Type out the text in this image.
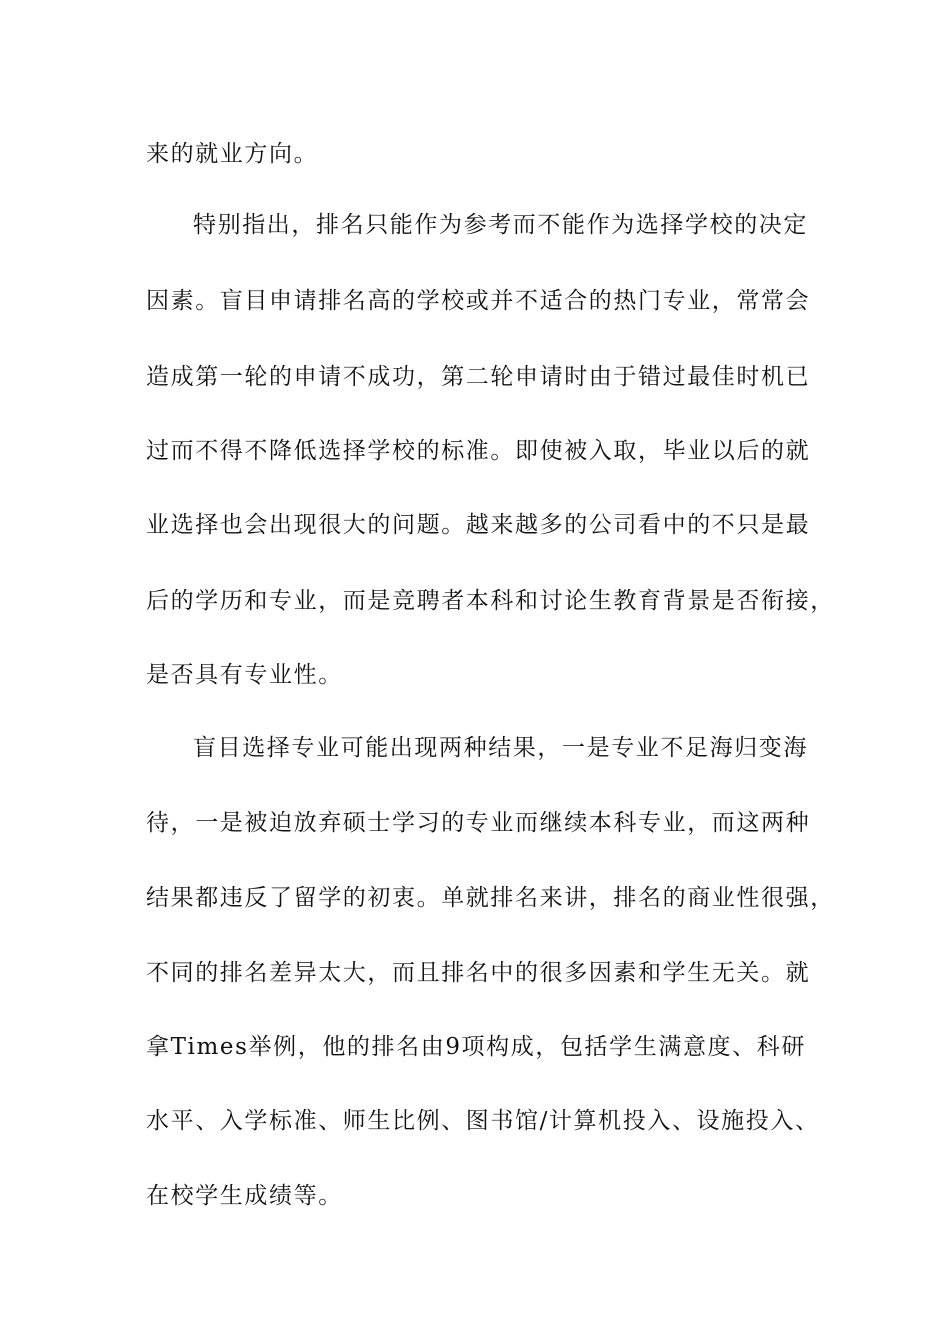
来的就业方向。
特别指出，排名只能作为参考而不能作为选择学校的决定
因素。盲目申请排名高的学校或并不适合的热门专业，常常会
造成第一轮的申请不成功，第二轮申请时由于错过最佳时机已
过而不得不降低选择学校的标准。即使被入取，毕业以后的就
业选择也会出现很大的问题。越来越多的公司看中的不只是最
后的学历和专业，而是竞聘者本科和讨论生教育背景是否衔接，
是否具有专业性。
盲目选择专业可能出现两种结果，一是专业不足海归变海
待，一是被迫放弃硕士学习的专业而继续本科专业，而这两种
结果都违反了留学的初衷。单就排名来讲，排名的商业性很强，
不同的排名差异太大，而且排名中的很多因素和学生无关。就
拿Times举例，他的排名由9项构成，包括学生满意度、科研
水平、入学标准、师生比例、图书馆/计算机投入、设施投入、
在校学生成绩等。
